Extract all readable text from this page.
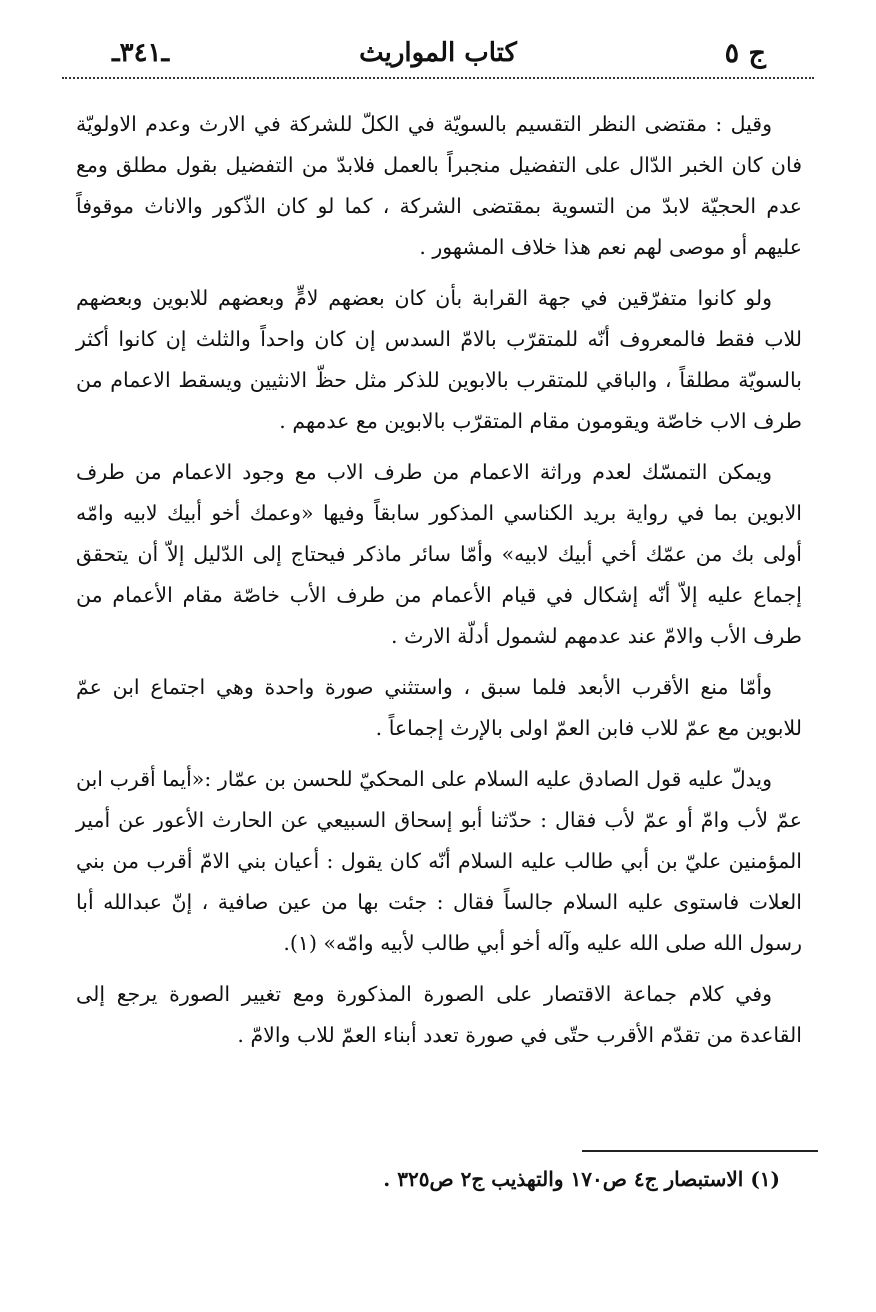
ج ٥
كتاب المواريث
ـ٣٤١ـ

وقيل : مقتضى النظر التقسيم بالسويّة في الكلّ للشركة في الارث وعدم الاولويّة فان كان الخبر الدّال على التفضيل منجبراً بالعمل فلابدّ من التفضيل بقول مطلق ومع عدم الحجيّة لابدّ من التسوية بمقتضى الشركة ، كما لو كان الذّكور والاناث موقوفاً عليهم أو موصى لهم نعم هذا خلاف المشهور .

ولو كانوا متفرّقين في جهة القرابة بأن كان بعضهم لامٍّ وبعضهم للابوين وبعضهم للاب فقط فالمعروف أنّه للمتقرّب بالامّ السدس إن كان واحداً والثلث إن كانوا أكثر بالسويّة مطلقاً ، والباقي للمتقرب بالابوين للذكر مثل حظّ الانثيين ويسقط الاعمام من طرف الاب خاصّة ويقومون مقام المتقرّب بالابوين مع عدمهم .

ويمكن التمسّك لعدم وراثة الاعمام من طرف الاب مع وجود الاعمام من طرف الابوين بما في رواية بريد الكناسي المذكور سابقاً وفيها «وعمك أخو أبيك لابيه وامّه أولى بك من عمّك أخي أبيك لابيه» وأمّا سائر ماذكر فيحتاج إلى الدّليل إلاّ أن يتحقق إجماع عليه إلاّ أنّه إشكال في قيام الأعمام من طرف الأب خاصّة مقام الأعمام من طرف الأب والامّ عند عدمهم لشمول أدلّة الارث .

وأمّا منع الأقرب الأبعد فلما سبق ، واستثني صورة واحدة وهي اجتماع ابن عمّ للابوين مع عمّ للاب فابن العمّ اولى بالإرث إجماعاً .

ويدلّ عليه قول الصادق عليه السلام على المحكيّ للحسن بن عمّار :«أيما أقرب ابن عمّ لأب وامّ أو عمّ لأب فقال : حدّثنا أبو إسحاق السبيعي عن الحارث الأعور عن أمير المؤمنين عليّ بن أبي طالب عليه السلام أنّه كان يقول : أعيان بني الامّ أقرب من بني العلات فاستوى عليه السلام جالساً فقال : جئت بها من عين صافية ، إنّ عبدالله أبا رسول الله صلى الله عليه وآله أخو أبي طالب لأبيه وامّه» (١).

وفي كلام جماعة الاقتصار على الصورة المذكورة ومع تغيير الصورة يرجع إلى القاعدة من تقدّم الأقرب حتّى في صورة تعدد أبناء العمّ للاب والامّ .

(١) الاستبصار ج٤ ص١٧٠ والتهذيب ج٢ ص٣٢٥ .
